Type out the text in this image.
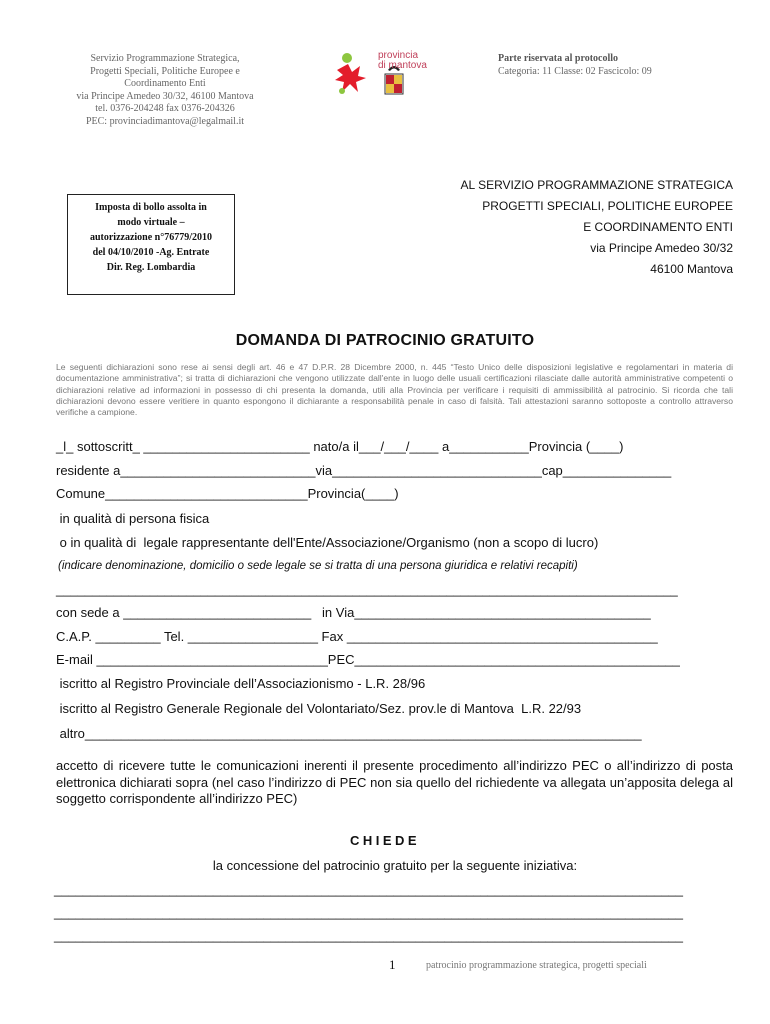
Servizio Programmazione Strategica,
Progetti Speciali, Politiche Europee e
Coordinamento Enti
via Principe Amedeo 30/32, 46100 Mantova
tel. 0376-204248 fax 0376-204326
PEC: provinciadimantova@legalmail.it
provincia
di mantova
Parte riservata al protocollo
Categoria: 11 Classe: 02 Fascicolo: 09
AL SERVIZIO PROGRAMMAZIONE STRATEGICA
PROGETTI SPECIALI, POLITICHE EUROPEE
E COORDINAMENTO ENTI
via Principe Amedeo 30/32
46100 Mantova
Imposta di bollo assolta in
modo virtuale –
autorizzazione n°76779/2010
del 04/10/2010 -Ag. Entrate
Dir. Reg. Lombardia
DOMANDA DI PATROCINIO GRATUITO
Le seguenti dichiarazioni sono rese ai sensi degli art. 46 e 47 D.P.R. 28 Dicembre 2000, n. 445 “Testo Unico delle disposizioni legislative e regolamentari in materia di documentazione amministrativa”; si tratta di dichiarazioni che vengono utilizzate dall'ente in luogo delle usuali certificazioni rilasciate dalle autorità amministrative competenti o dichiarazioni relative ad informazioni in possesso di chi presenta la domanda, utili alla Provincia per verificare i requisiti di ammissibilità al patrocinio. Si ricorda che tali dichiarazioni devono essere veritiere in quanto espongono il dichiarante a responsabilità penale in caso di falsità. Tali attestazioni saranno sottoposte a controllo attraverso verifiche a campione.
_l_ sottoscritt_ _______________________ nato/a il___/___/____ a___________Provincia (____)
residente a___________________________via_____________________________cap_______________
Comune____________________________Provincia(____)
in qualità di persona fisica
o in qualità di  legale rappresentante dell'Ente/Associazione/Organismo (non a scopo di lucro)
(indicare denominazione, domicilio o sede legale se si tratta di una persona giuridica e relativi recapiti)
______________________________________________________________________________________
con sede a __________________________   in Via_________________________________________
C.A.P. _________ Tel. __________________ Fax ___________________________________________
E-mail ________________________________PEC_____________________________________________
iscritto al Registro Provinciale dell’Associazionismo - L.R. 28/96
iscritto al Registro Generale Regionale del Volontariato/Sez. prov.le di Mantova  L.R. 22/93
altro_____________________________________________________________________________
accetto di ricevere tutte le comunicazioni inerenti il presente procedimento all’indirizzo PEC o all’indirizzo di posta elettronica dichiarati sopra (nel caso l’indirizzo di PEC non sia quello del richiedente va allegata un’apposita delega al soggetto corrispondente all’indirizzo PEC)
CHIEDE
la concessione del patrocinio gratuito per la seguente iniziativa:
_______________________________________________________________________________________
_______________________________________________________________________________________
_______________________________________________________________________________________
1	patrocinio programmazione strategica, progetti speciali
